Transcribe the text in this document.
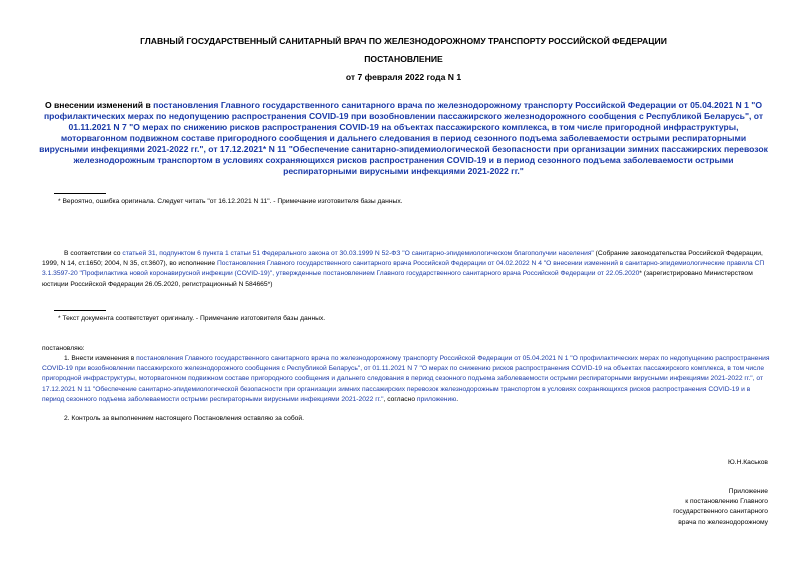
ГЛАВНЫЙ ГОСУДАРСТВЕННЫЙ САНИТАРНЫЙ ВРАЧ ПО ЖЕЛЕЗНОДОРОЖНОМУ ТРАНСПОРТУ РОССИЙСКОЙ ФЕДЕРАЦИИ
ПОСТАНОВЛЕНИЕ
от 7 февраля 2022 года N 1
О внесении изменений в постановления Главного государственного санитарного врача по железнодорожному транспорту Российской Федерации от 05.04.2021 N 1 "О профилактических мерах по недопущению распространения COVID-19 при возобновлении пассажирского железнодорожного сообщения с Республикой Беларусь", от 01.11.2021 N 7 "О мерах по снижению рисков распространения COVID-19 на объектах пассажирского комплекса, в том числе пригородной инфраструктуры, моторвагонном подвижном составе пригородного сообщения и дальнего следования в период сезонного подъема заболеваемости острыми респираторными вирусными инфекциями 2021-2022 гг.", от 17.12.2021* N 11 "Обеспечение санитарно-эпидемиологической безопасности при организации зимних пассажирских перевозок железнодорожным транспортом в условиях сохраняющихся рисков распространения COVID-19 и в период сезонного подъема заболеваемости острыми респираторными вирусными инфекциями 2021-2022 гг."
* Вероятно, ошибка оригинала. Следует читать "от 16.12.2021 N 11". - Примечание изготовителя базы данных.
В соответствии со статьей 31, подпунктом 6 пункта 1 статьи 51 Федерального закона от 30.03.1999 N 52-ФЗ "О санитарно-эпидемиологическом благополучии населения" (Собрание законодательства Российской Федерации, 1999, N 14, ст.1650; 2004, N 35, ст.3607), во исполнение Постановления Главного государственного санитарного врача Российской Федерации от 04.02.2022 N 4 "О внесении изменений в санитарно-эпидемиологические правила СП 3.1.3597-20 "Профилактика новой коронавирусной инфекции (COVID-19)", утвержденные постановлением Главного государственного санитарного врача Российской Федерации от 22.05.2020* (зарегистрировано Министерством юстиции Российской Федерации 26.05.2020, регистрационный N 584665*)
* Текст документа соответствует оригиналу. - Примечание изготовителя базы данных.
постановляю:
1. Внести изменения в постановления Главного государственного санитарного врача по железнодорожному транспорту Российской Федерации от 05.04.2021 N 1 "О профилактических мерах по недопущению распространения COVID-19 при возобновлении пассажирского железнодорожного сообщения с Республикой Беларусь", от 01.11.2021 N 7 "О мерах по снижению рисков распространения COVID-19 на объектах пассажирского комплекса, в том числе пригородной инфраструктуры, моторвагонном подвижном составе пригородного сообщения и дальнего следования в период сезонного подъема заболеваемости острыми респираторными вирусными инфекциями 2021-2022 гг.", от 17.12.2021 N 11 "Обеспечение санитарно-эпидемиологической безопасности при организации зимних пассажирских перевозок железнодорожным транспортом в условиях сохраняющихся рисков распространения COVID-19 и в период сезонного подъема заболеваемости острыми респираторными вирусными инфекциями 2021-2022 гг.", согласно приложению.
2. Контроль за выполнением настоящего Постановления оставляю за собой.
Ю.Н.Каськов
Приложение
к постановлению Главного
государственного санитарного
врача по железнодорожному
